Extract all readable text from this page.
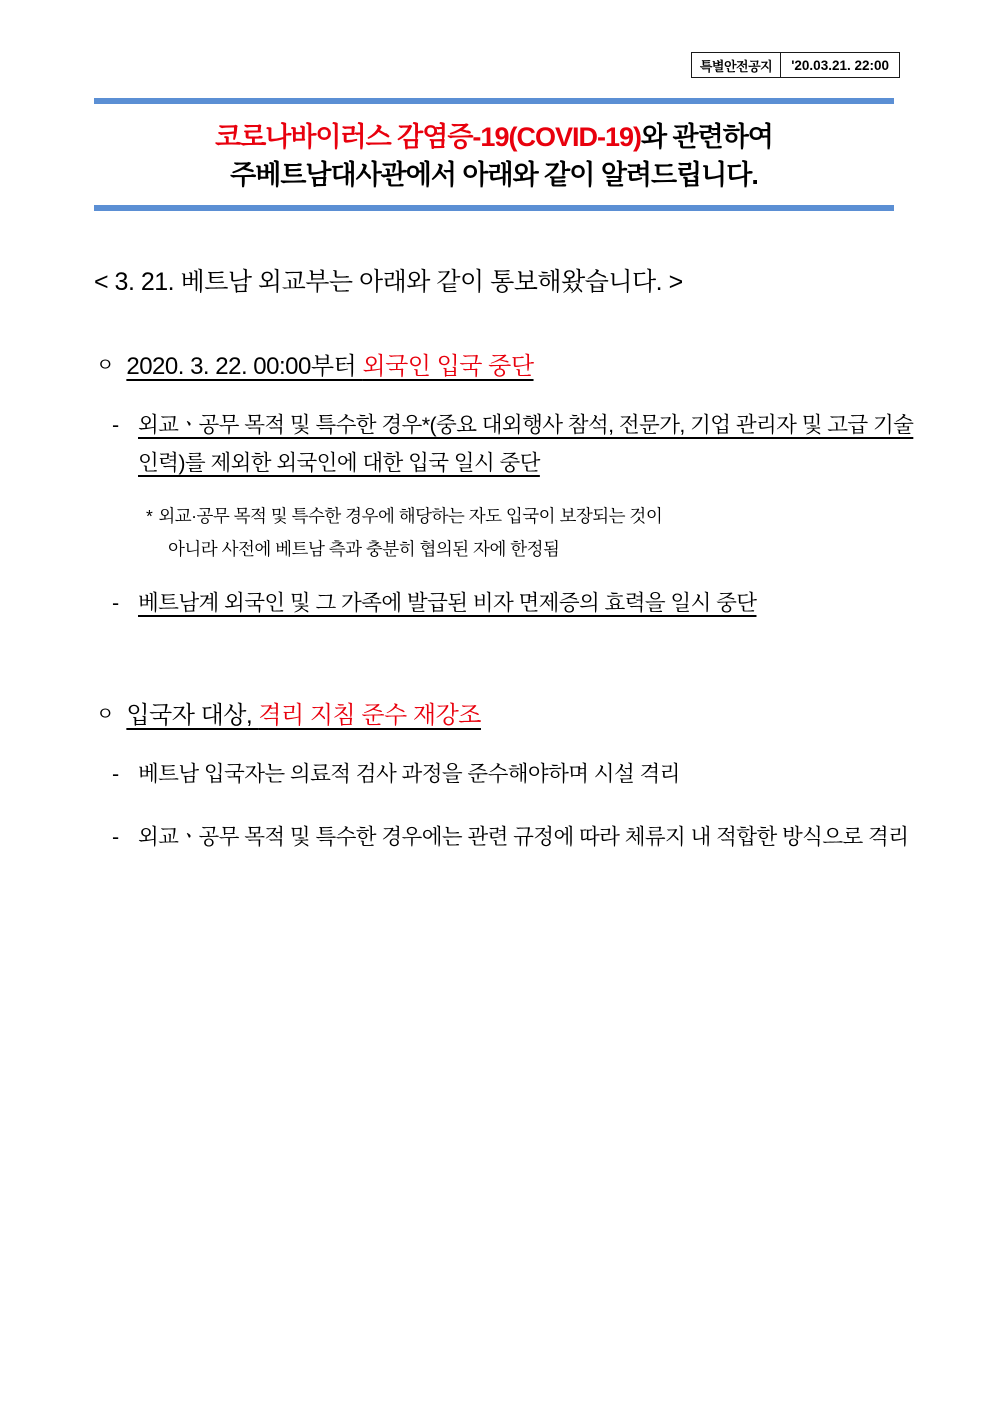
특별안전공지	'20.03.21. 22:00
코로나바이러스 감염증-19(COVID-19)와 관련하여
주베트남대사관에서 아래와 같이 알려드립니다.
< 3. 21. 베트남 외교부는 아래와 같이 통보해왔습니다. >
ㅇ 2020. 3. 22. 00:00부터 외국인 입국 중단
- 외교ㆍ공무 목적 및 특수한 경우*(중요 대외행사 참석, 전문가, 기업 관리자 및 고급 기술 인력)를 제외한 외국인에 대한 입국 일시 중단
* 외교·공무 목적 및 특수한 경우에 해당하는 자도 입국이 보장되는 것이
아니라 사전에 베트남 측과 충분히 협의된 자에 한정됨
- 베트남계 외국인 및 그 가족에 발급된 비자 면제증의 효력을 일시 중단
ㅇ 입국자 대상, 격리 지침 준수 재강조
- 베트남 입국자는 의료적 검사 과정을 준수해야하며 시설 격리
- 외교ㆍ공무 목적 및 특수한 경우에는 관련 규정에 따라 체류지 내 적합한 방식으로 격리
